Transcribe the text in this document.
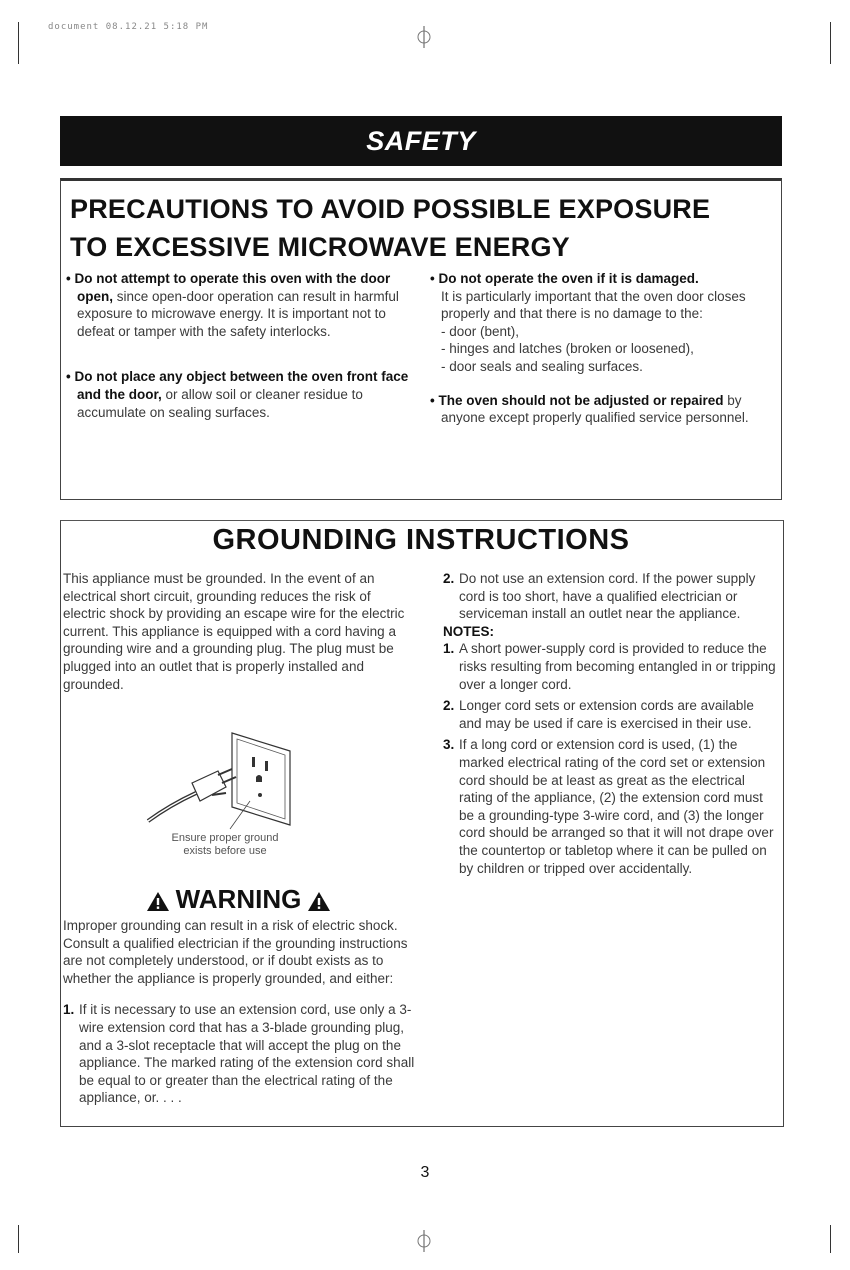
document 08.12.21 5:18 PM
SAFETY
PRECAUTIONS TO AVOID POSSIBLE EXPOSURE
TO EXCESSIVE MICROWAVE ENERGY
• Do not attempt to operate this oven with the door open, since open-door operation can result in harmful exposure to microwave energy. It is important not to defeat or tamper with the safety interlocks.
• Do not place any object between the oven front face and the door, or allow soil or cleaner residue to accumulate on sealing surfaces.
• Do not operate the oven if it is damaged.
It is particularly important that the oven door closes properly and that there is no damage to the:
- door (bent),
- hinges and latches (broken or loosened),
- door seals and sealing surfaces.
• The oven should not be adjusted or repaired by anyone except properly qualified service personnel.
GROUNDING INSTRUCTIONS

This appliance must be grounded. In the event of an electrical short circuit, grounding reduces the risk of electric shock by providing an escape wire for the electric current. This appliance is equipped with a cord having a grounding wire and a grounding plug. The plug must be plugged into an outlet that is properly installed and grounded.

Ensure proper ground
exists before use
WARNING

Improper grounding can result in a risk of electric shock. Consult a qualified electrician if the grounding instructions are not completely understood, or if doubt exists as to whether the appliance is properly grounded, and either:

1. If it is necessary to use an extension cord, use only a 3-wire extension cord that has a 3-blade grounding plug, and a 3-slot receptacle that will accept the plug on the appliance. The marked rating of the extension cord shall be equal to or greater than the electrical rating of the appliance, or. . . .

2. Do not use an extension cord. If the power supply cord is too short, have a qualified electrician or serviceman install an outlet near the appliance.

NOTES:

1. A short power-supply cord is provided to reduce the risks resulting from becoming entangled in or tripping over a longer cord.

2. Longer cord sets or extension cords are available and may be used if care is exercised in their use.

3. If a long cord or extension cord is used, (1) the marked electrical rating of the cord set or extension cord should be at least as great as the electrical rating of the appliance, (2) the extension cord must be a grounding-type 3-wire cord, and (3) the longer cord should be arranged so that it will not drape over the countertop or tabletop where it can be pulled on by children or tripped over accidentally.

3
